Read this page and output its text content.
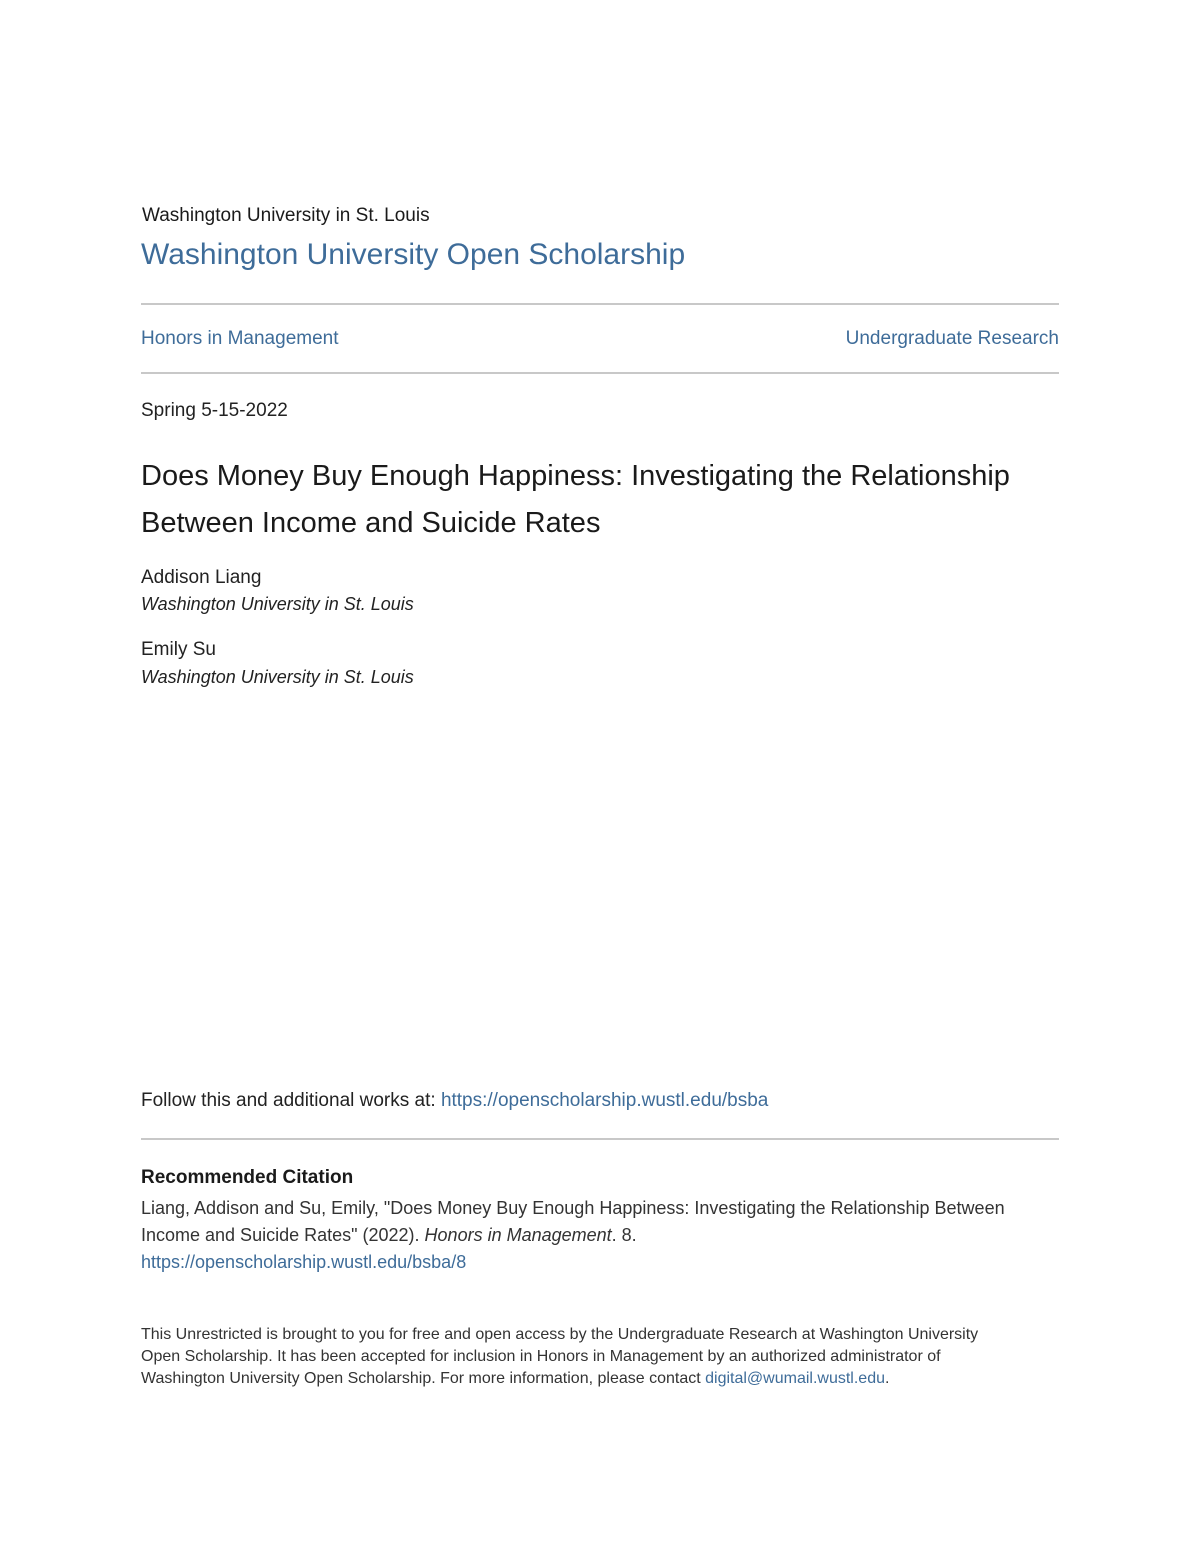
Washington University in St. Louis
Washington University Open Scholarship
Honors in Management	Undergraduate Research
Spring 5-15-2022
Does Money Buy Enough Happiness: Investigating the Relationship Between Income and Suicide Rates
Addison Liang
Washington University in St. Louis
Emily Su
Washington University in St. Louis
Follow this and additional works at: https://openscholarship.wustl.edu/bsba
Recommended Citation
Liang, Addison and Su, Emily, "Does Money Buy Enough Happiness: Investigating the Relationship Between Income and Suicide Rates" (2022). Honors in Management. 8.
https://openscholarship.wustl.edu/bsba/8
This Unrestricted is brought to you for free and open access by the Undergraduate Research at Washington University Open Scholarship. It has been accepted for inclusion in Honors in Management by an authorized administrator of Washington University Open Scholarship. For more information, please contact digital@wumail.wustl.edu.
